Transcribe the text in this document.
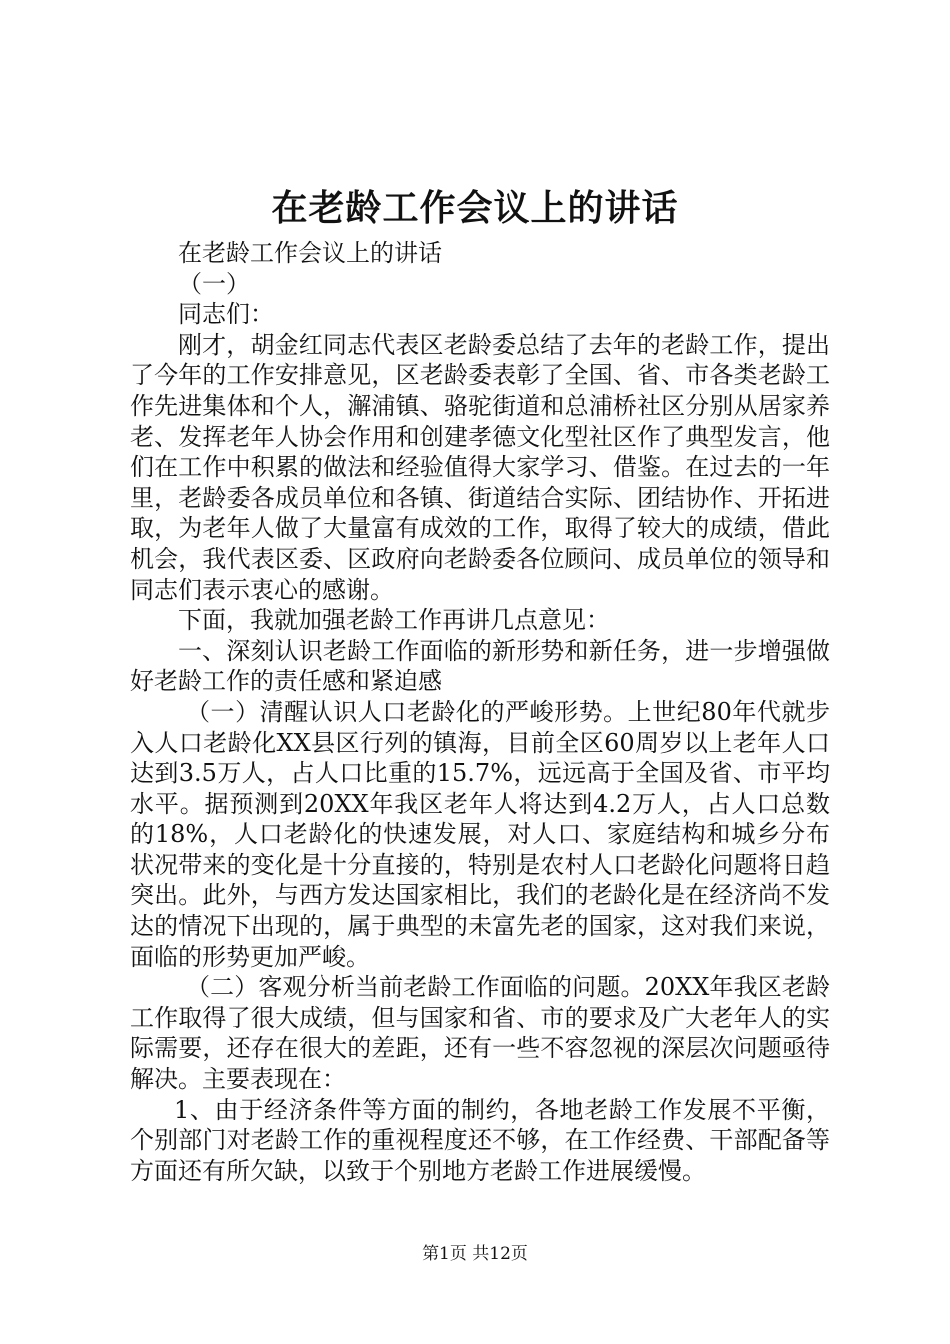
在老龄工作会议上的讲话

在老龄工作会议上的讲话

（一）

同志们：

刚才，胡金红同志代表区老龄委总结了去年的老龄工作，提出了今年的工作安排意见，区老龄委表彰了全国、省、市各类老龄工作先进集体和个人，澥浦镇、骆驼街道和总浦桥社区分别从居家养老、发挥老年人协会作用和创建孝德文化型社区作了典型发言，他们在工作中积累的做法和经验值得大家学习、借鉴。在过去的一年里，老龄委各成员单位和各镇、街道结合实际、团结协作、开拓进取，为老年人做了大量富有成效的工作，取得了较大的成绩，借此机会，我代表区委、区政府向老龄委各位顾问、成员单位的领导和同志们表示衷心的感谢。

下面，我就加强老龄工作再讲几点意见：

一、深刻认识老龄工作面临的新形势和新任务，进一步增强做好老龄工作的责任感和紧迫感

（一）清醒认识人口老龄化的严峻形势。上世纪80年代就步入人口老龄化XX县区行列的镇海，目前全区60周岁以上老年人口达到3.5万人，占人口比重的15.7%，远远高于全国及省、市平均水平。据预测到20XX年我区老年人将达到4.2万人，占人口总数的18%，人口老龄化的快速发展，对人口、家庭结构和城乡分布状况带来的变化是十分直接的，特别是农村人口老龄化问题将日趋突出。此外，与西方发达国家相比，我们的老龄化是在经济尚不发达的情况下出现的，属于典型的未富先老的国家，这对我们来说，面临的形势更加严峻。

（二）客观分析当前老龄工作面临的问题。20XX年我区老龄工作取得了很大成绩，但与国家和省、市的要求及广大老年人的实际需要，还存在很大的差距，还有一些不容忽视的深层次问题亟待解决。主要表现在：

1、由于经济条件等方面的制约，各地老龄工作发展不平衡，个别部门对老龄工作的重视程度还不够，在工作经费、干部配备等方面还有所欠缺，以致于个别地方老龄工作进展缓慢。

第1页 共12页
